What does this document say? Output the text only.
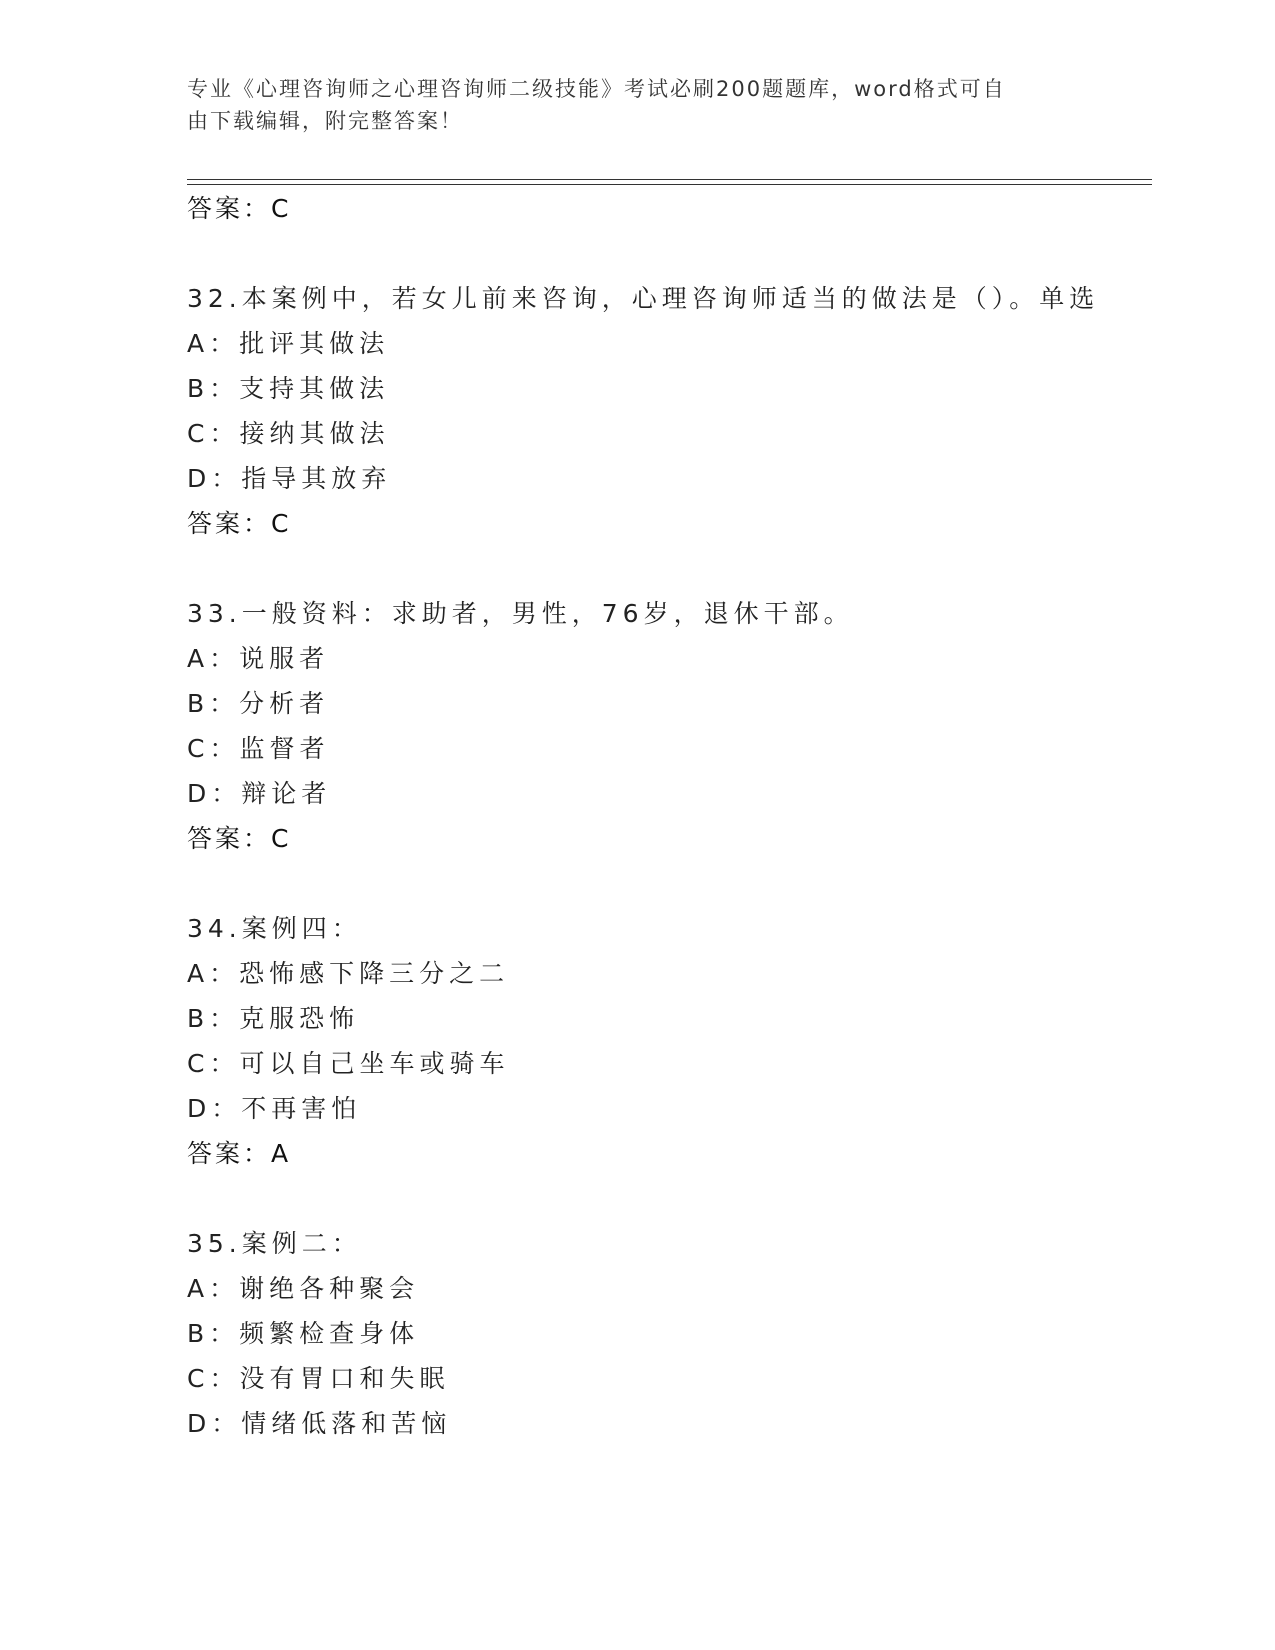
专业《心理咨询师之心理咨询师二级技能》考试必刷200题题库，word格式可自
由下载编辑，附完整答案！
答案：C
32.本案例中，若女儿前来咨询，心理咨询师适当的做法是（）。单选
A：批评其做法
B：支持其做法
C：接纳其做法
D：指导其放弃
答案：C
33.一般资料：求助者，男性，76岁，退休干部。
A：说服者
B：分析者
C：监督者
D：辩论者
答案：C
34.案例四：
A：恐怖感下降三分之二
B：克服恐怖
C：可以自己坐车或骑车
D：不再害怕
答案：A
35.案例二：
A：谢绝各种聚会
B：频繁检查身体
C：没有胃口和失眠
D：情绪低落和苦恼
